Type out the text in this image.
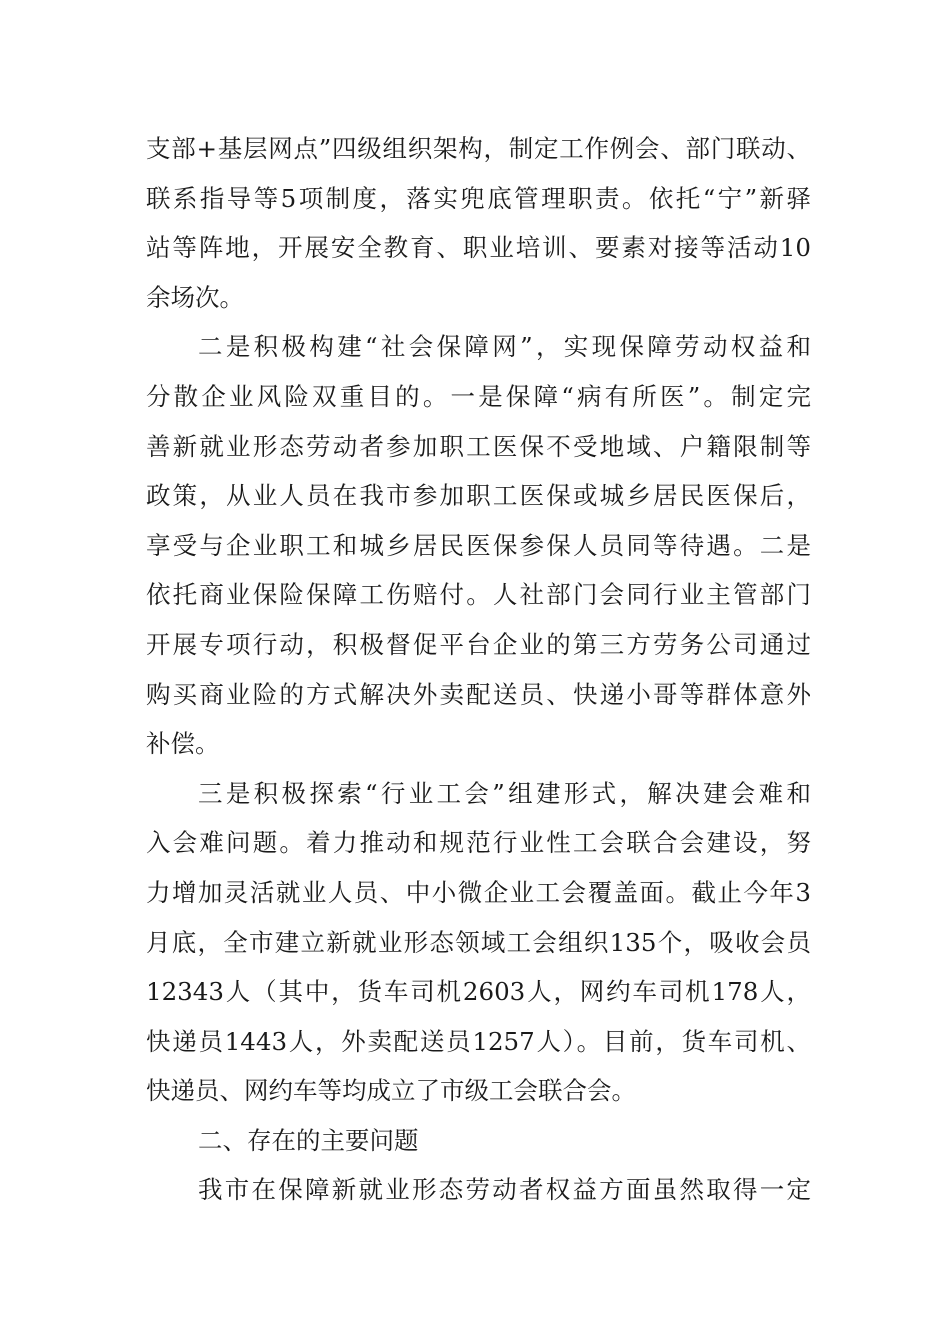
支部+基层网点”四级组织架构，制定工作例会、部门联动、
联系指导等5项制度，落实兜底管理职责。依托“宁”新驿
站等阵地，开展安全教育、职业培训、要素对接等活动10
余场次。
二是积极构建“社会保障网”，实现保障劳动权益和
分散企业风险双重目的。一是保障“病有所医”。制定完
善新就业形态劳动者参加职工医保不受地域、户籍限制等
政策，从业人员在我市参加职工医保或城乡居民医保后，
享受与企业职工和城乡居民医保参保人员同等待遇。二是
依托商业保险保障工伤赔付。人社部门会同行业主管部门
开展专项行动，积极督促平台企业的第三方劳务公司通过
购买商业险的方式解决外卖配送员、快递小哥等群体意外
补偿。
三是积极探索“行业工会”组建形式，解决建会难和
入会难问题。着力推动和规范行业性工会联合会建设，努
力增加灵活就业人员、中小微企业工会覆盖面。截止今年3
月底，全市建立新就业形态领域工会组织135个，吸收会员
12343人（其中，货车司机2603人，网约车司机178人，
快递员1443人，外卖配送员1257人）。目前，货车司机、
快递员、网约车等均成立了市级工会联合会。
二、存在的主要问题
我市在保障新就业形态劳动者权益方面虽然取得一定
